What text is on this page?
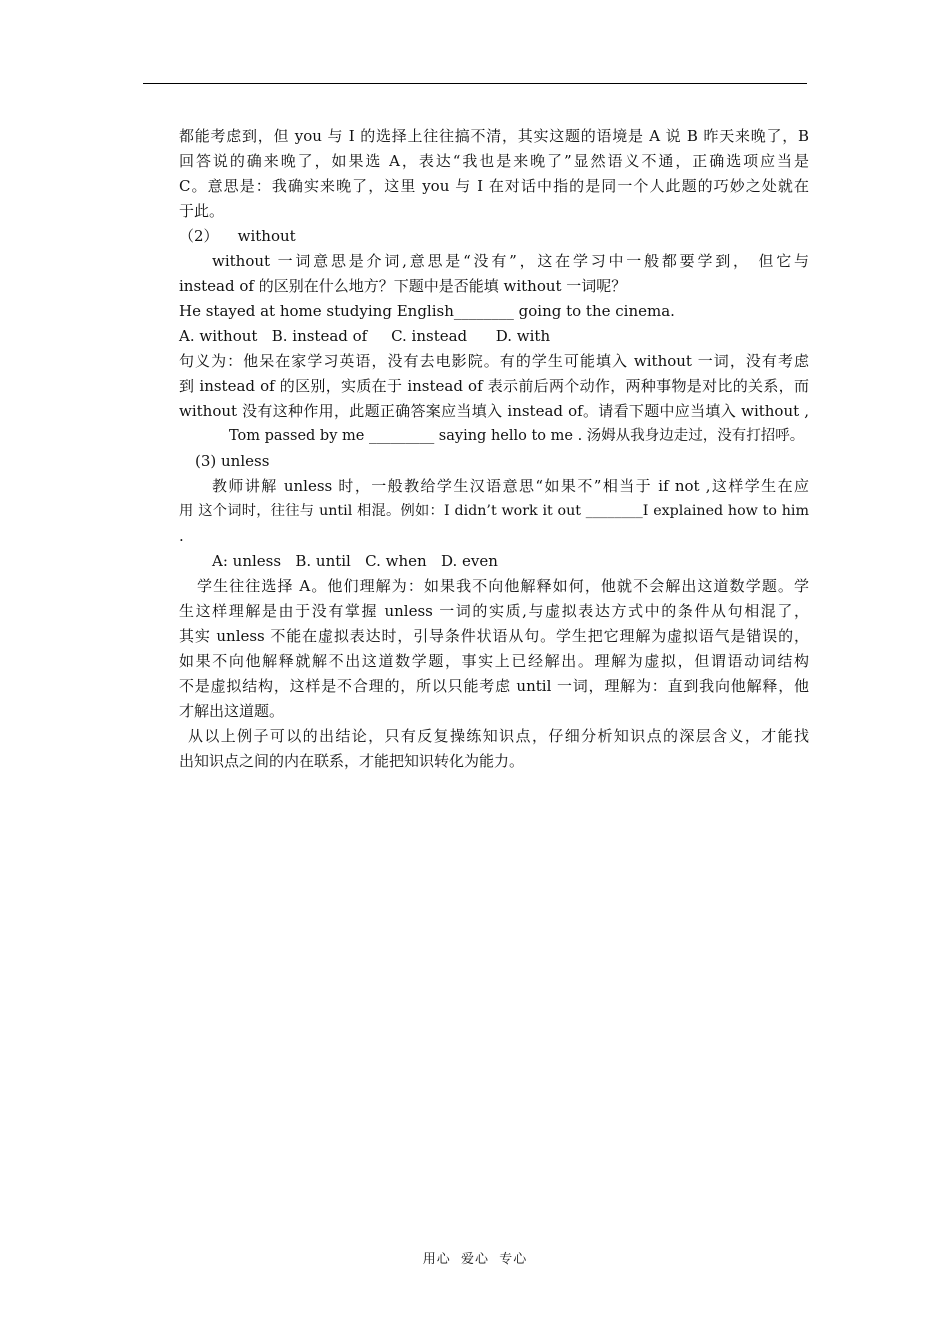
都能考虑到，但 you 与 I 的选择上往往搞不清，其实这题的语境是 A 说 B 昨天来晚了，B

回答说的确来晚了，如果选 A，表达“我也是来晚了”显然语义不通，正确选项应当是

C。意思是：我确实来晚了，这里 you 与 I 在对话中指的是同一个人此题的巧妙之处就在

于此。

（2）    without

without 一词意思是介词,意思是“没有”，这在学习中一般都要学到， 但它与

instead of 的区别在什么地方？下题中是否能填 without 一词呢？

He stayed at home studying English________ going to the cinema.

A. without   B. instead of     C. instead      D. with

句义为：他呆在家学习英语，没有去电影院。有的学生可能填入 without 一词，没有考虑

到 instead of 的区别，实质在于 instead of 表示前后两个动作，两种事物是对比的关系，而

without 没有这种作用，此题正确答案应当填入 instead of。请看下题中应当填入 without ,

Tom passed by me _________ saying hello to me . 汤姆从我身边走过，没有打招呼。

(3) unless

教师讲解 unless 时，一般教给学生汉语意思“如果不”相当于 if not ,这样学生在应

用 这个词时，往往与 until 相混。例如：I didn’t work it out ________I explained how to him

.

A: unless   B. until   C. when   D. even

学生往往选择 A。他们理解为：如果我不向他解释如何，他就不会解出这道数学题。学

生这样理解是由于没有掌握 unless 一词的实质,与虚拟表达方式中的条件从句相混了，

其实 unless 不能在虚拟表达时，引导条件状语从句。学生把它理解为虚拟语气是错误的，

如果不向他解释就解不出这道数学题，事实上已经解出。理解为虚拟，但谓语动词结构

不是虚拟结构，这样是不合理的，所以只能考虑 until 一词，理解为：直到我向他解释，他

才解出这道题。

从以上例子可以的出结论，只有反复操练知识点，仔细分析知识点的深层含义，才能找

出知识点之间的内在联系，才能把知识转化为能力。

用心  爱心  专心
